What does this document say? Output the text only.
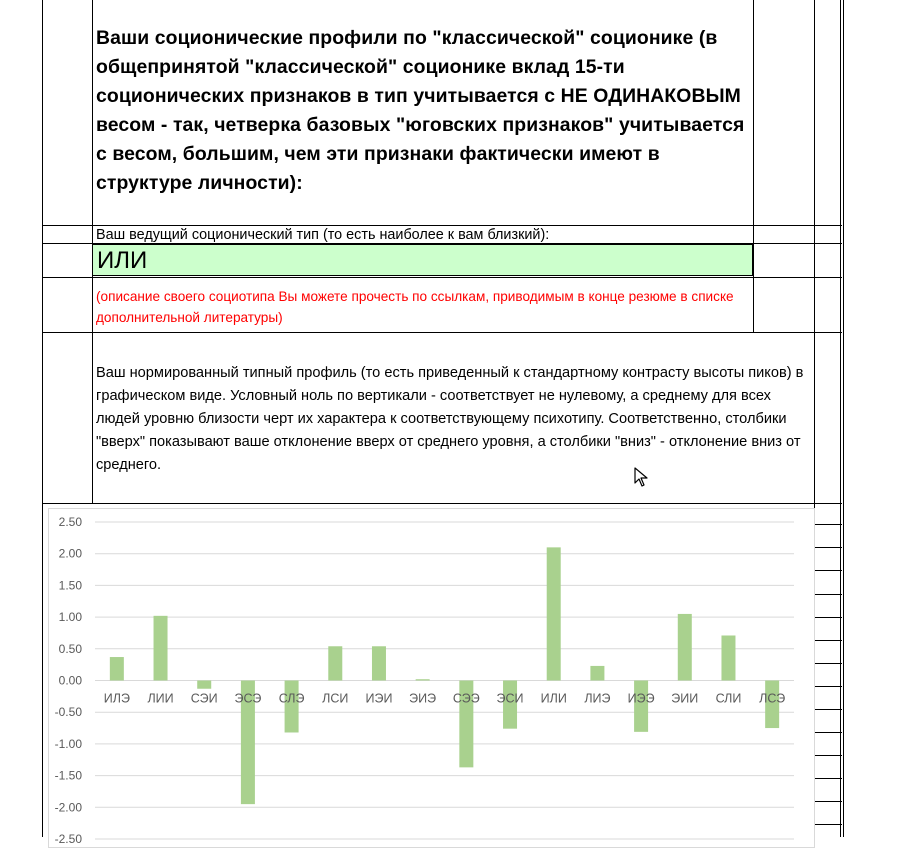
Ваши соционические профили по "классической" соционике (в общепринятой "классической" соционике вклад 15-ти соционических признаков в тип учитывается с НЕ ОДИНАКОВЫМ весом - так, четверка базовых "юговских признаков" учитывается с весом, большим, чем эти признаки фактически имеют в структуре личности):
Ваш ведущий соционический тип (то есть наиболее к вам близкий):
ИЛИ
(описание своего социотипа Вы можете прочесть по ссылкам, приводимым в конце резюме в списке дополнительной литературы)
Ваш нормированный типный профиль (то есть приведенный к стандартному контрасту высоты пиков) в графическом виде. Условный ноль по вертикали - соответствует не нулевому, а среднему для всех людей уровню близости черт их характера к соответствующему психотипу. Соответственно, столбики "вверх" показывают ваше отклонение вверх от среднего уровня, а столбики "вниз" - отклонение вниз от среднего.
2.50
2.00
1.50
1.00
0.50
0.00
-0.50
-1.00
-1.50
-2.00
-2.50
ИЛЭ ЛИИ СЭИ ЭСЭ СЛЭ ЛСИ ИЭИ ЭИЭ СЭЭ ЭСИ ИЛИ ЛИЭ ИЭЭ ЭИИ СЛИ ЛСЭ
